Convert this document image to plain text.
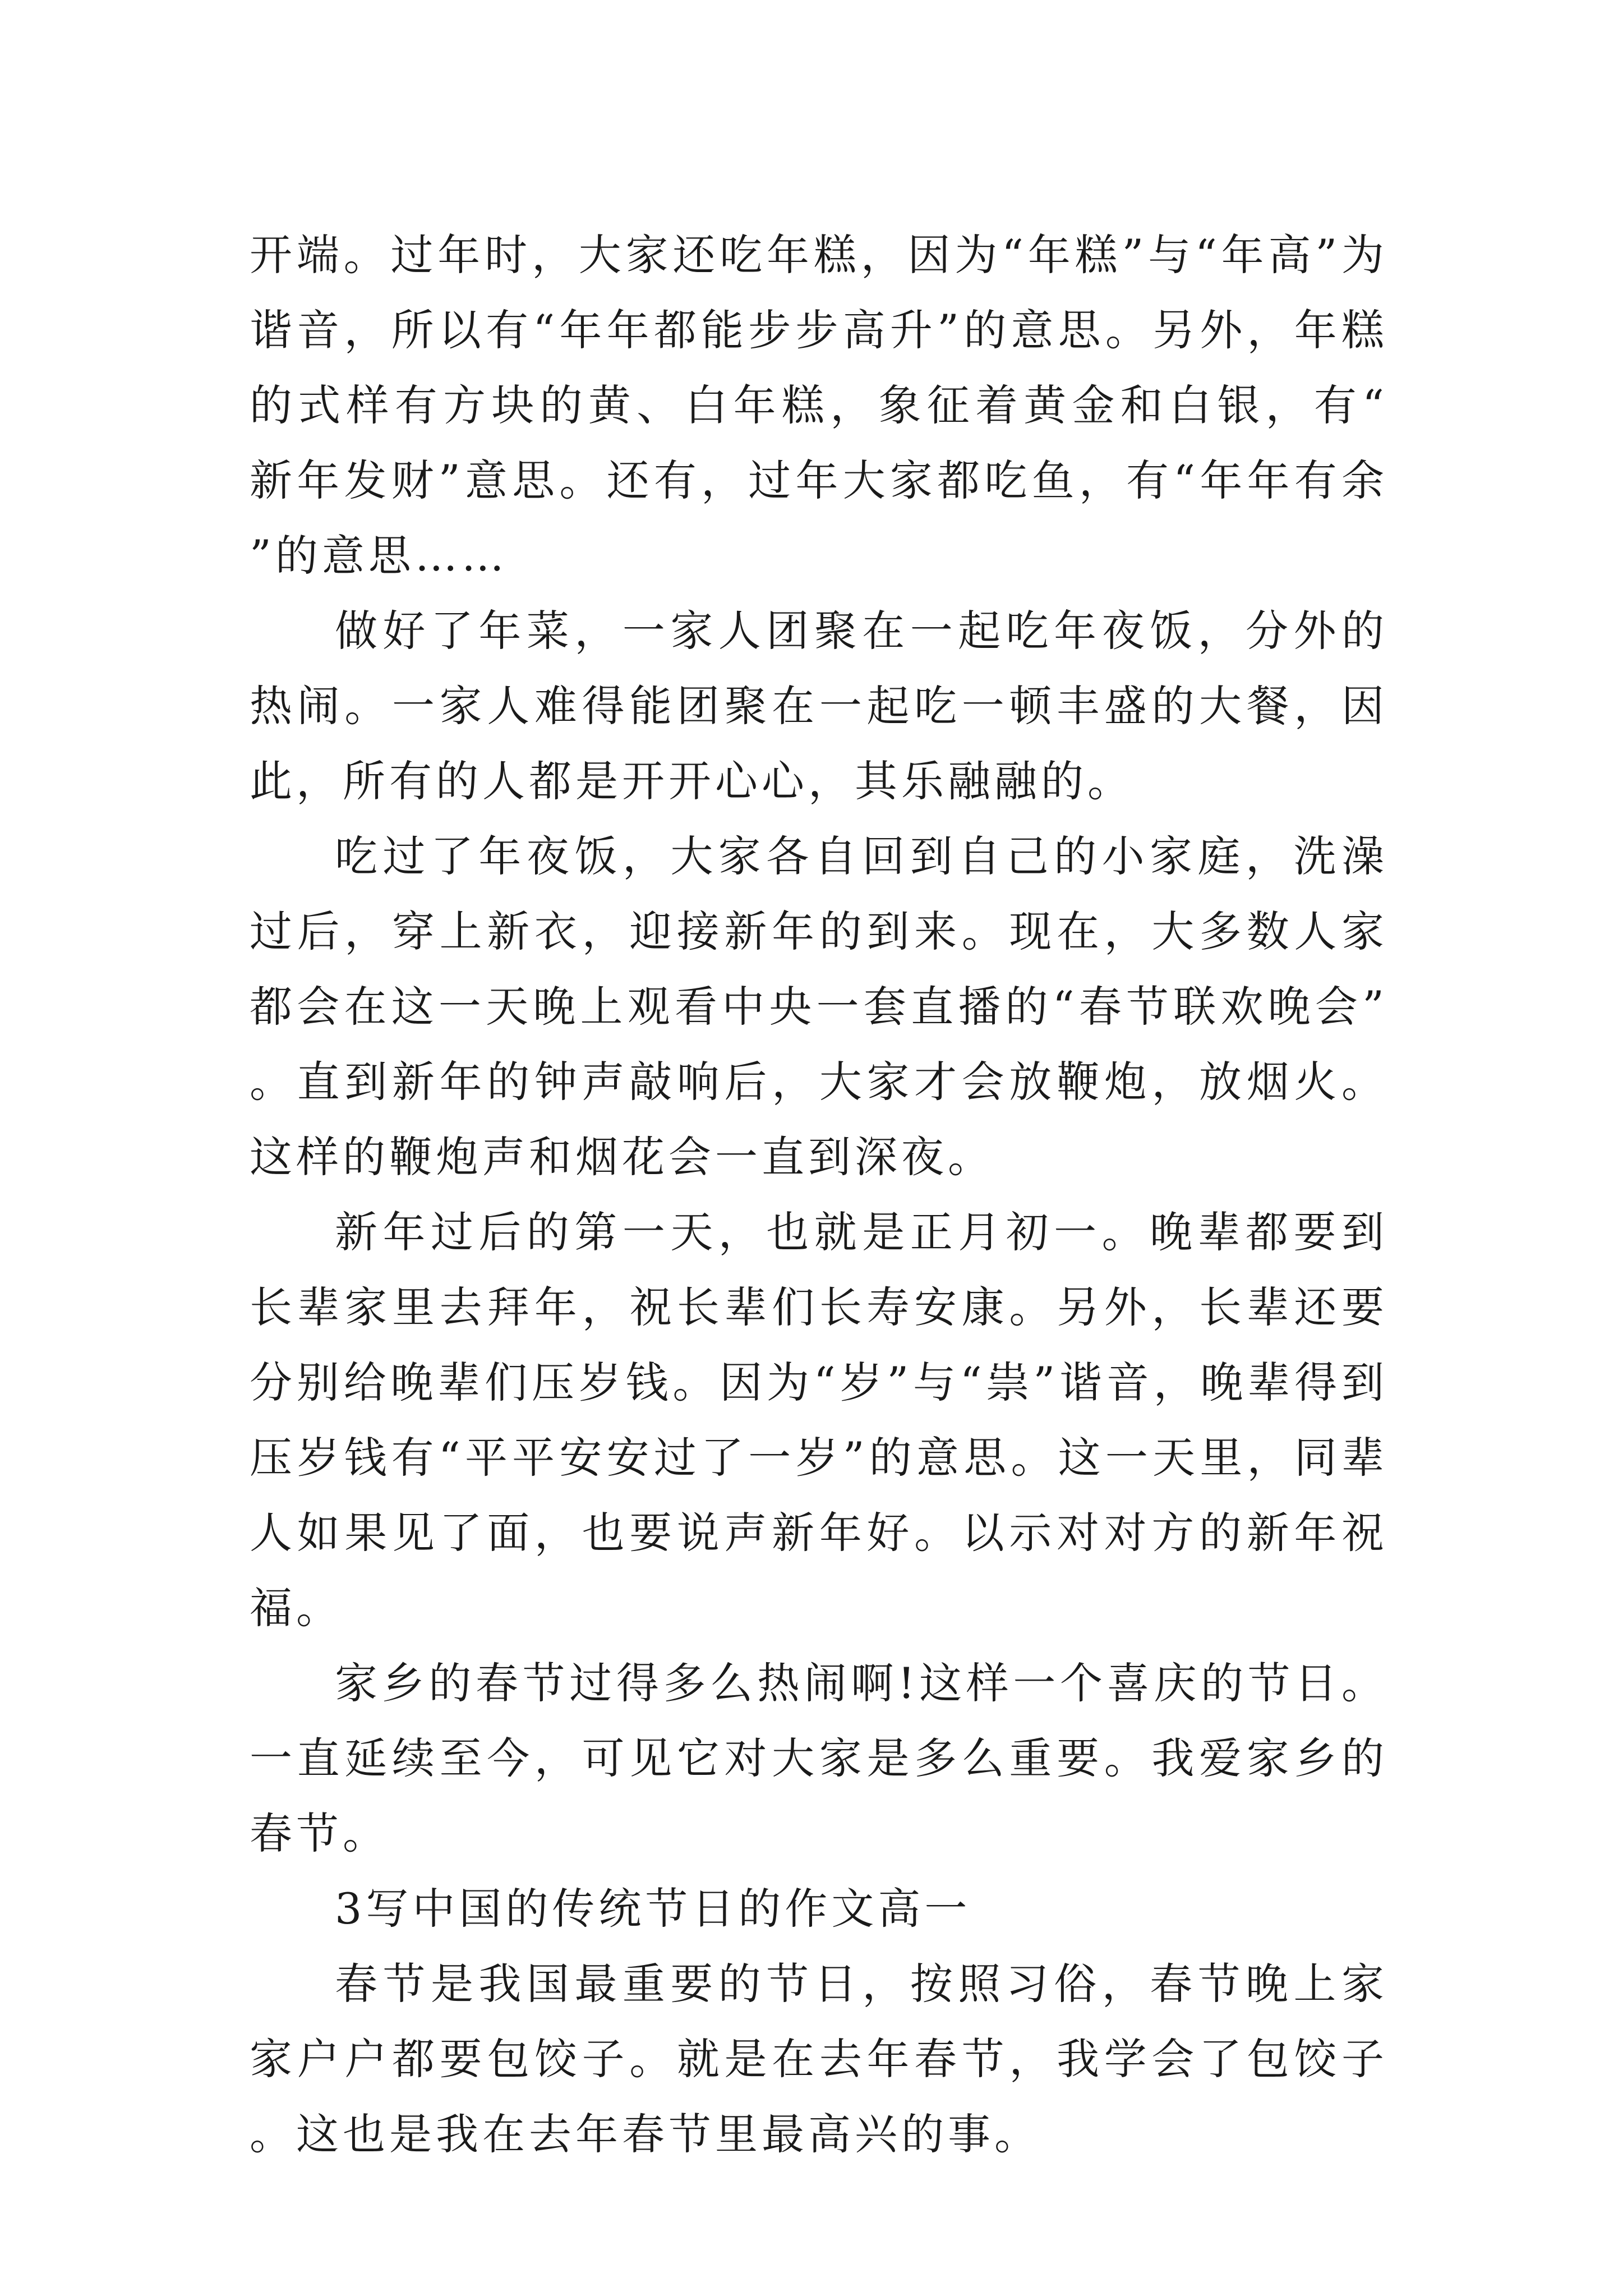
开端。过年时，大家还吃年糕，因为“年糕”与“年高”为谐音，所以有“年年都能步步高升”的意思。另外，年糕的式样有方块的黄、白年糕，象征着黄金和白银，有“新年发财”意思。还有，过年大家都吃鱼，有“年年有余”的意思……

做好了年菜，一家人团聚在一起吃年夜饭，分外的热闹。一家人难得能团聚在一起吃一顿丰盛的大餐，因此，所有的人都是开开心心，其乐融融的。

吃过了年夜饭，大家各自回到自己的小家庭，洗澡过后，穿上新衣，迎接新年的到来。现在，大多数人家都会在这一天晚上观看中央一套直播的“春节联欢晚会”。直到新年的钟声敲响后，大家才会放鞭炮，放烟火。这样的鞭炮声和烟花会一直到深夜。

新年过后的第一天，也就是正月初一。晚辈都要到长辈家里去拜年，祝长辈们长寿安康。另外，长辈还要分别给晚辈们压岁钱。因为“岁”与“祟”谐音，晚辈得到压岁钱有“平平安安过了一岁”的意思。这一天里，同辈人如果见了面，也要说声新年好。以示对对方的新年祝福。

家乡的春节过得多么热闹啊!这样一个喜庆的节日。一直延续至今，可见它对大家是多么重要。我爱家乡的春节。

3写中国的传统节日的作文高一

春节是我国最重要的节日，按照习俗，春节晚上家家户户都要包饺子。就是在去年春节，我学会了包饺子。这也是我在去年春节里最高兴的事。
